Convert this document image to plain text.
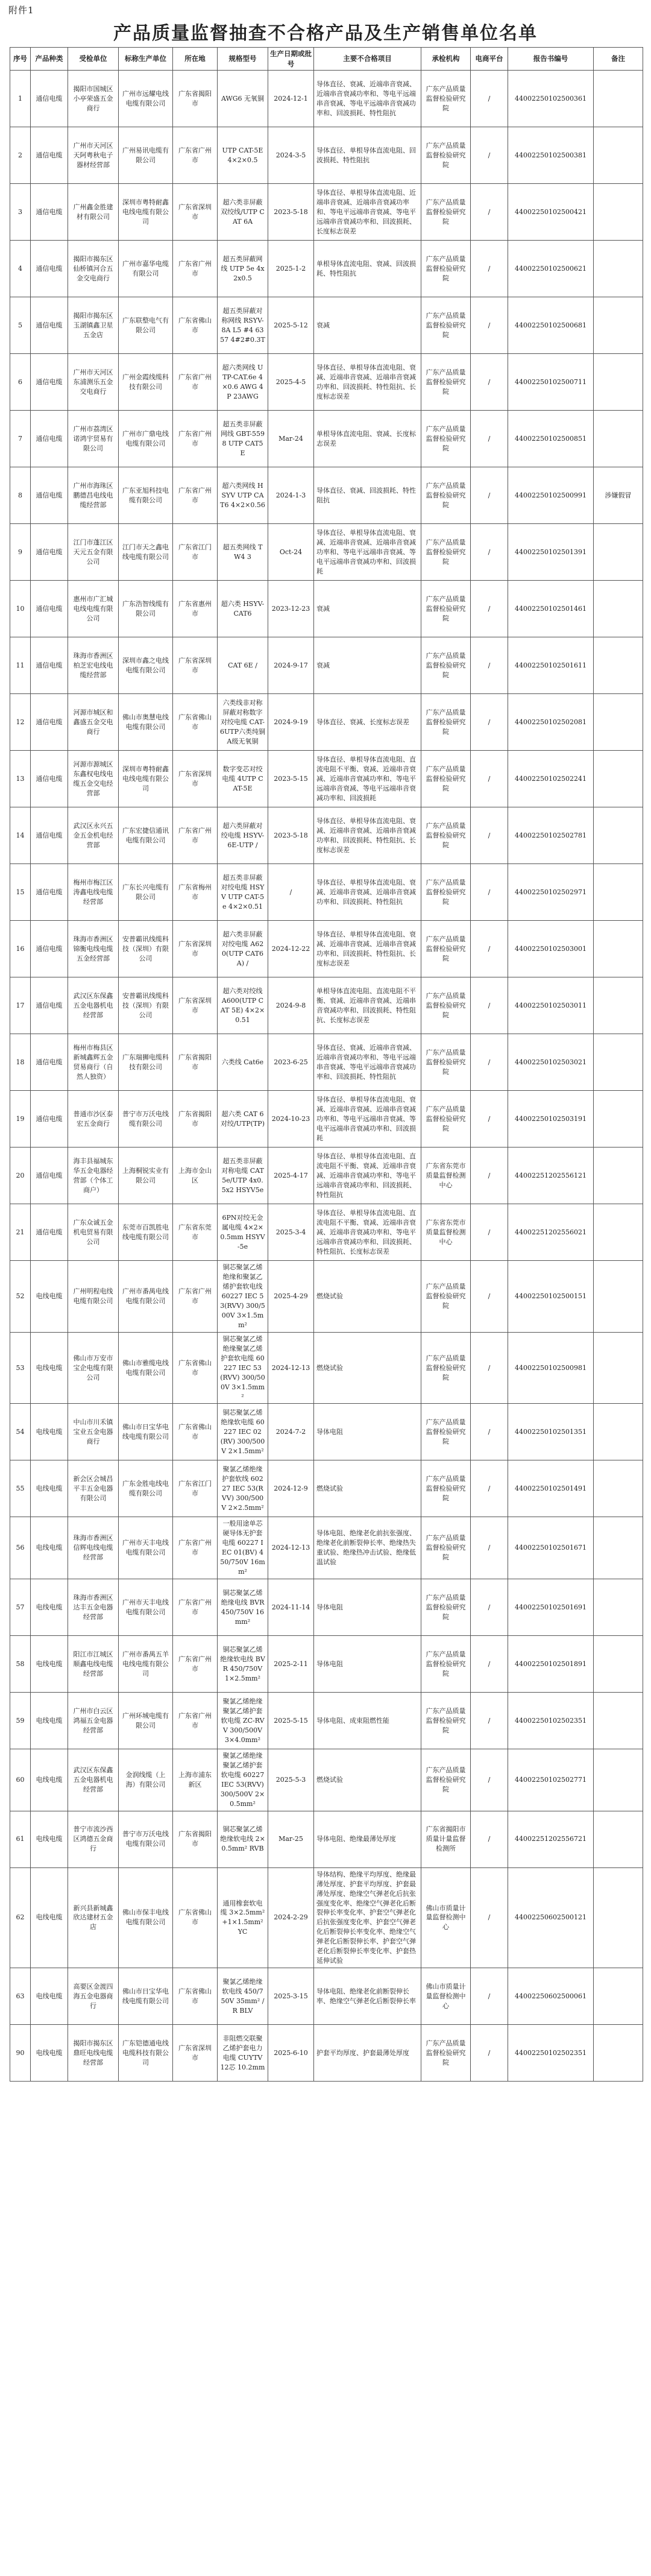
附件1
产品质量监督抽查不合格产品及生产销售单位名单
序号	产品种类	受检单位	标称生产单位	所在地	规格型号	生产日期或批号	主要不合格项目	承检机构	电商平台	报告书编号	备注
1	通信电缆	揭阳市国城区小亭荣盛五金商行	广州市远耀电线电缆有限公司	广东省揭阳市	AWG6 无氧铜	2024-12-1	导体直径、衰减、近端串音衰减、近端串音衰减功率和、等电平远端串音衰减、等电平远端串音衰减功率和、回波损耗、特性阻抗	广东产品质量监督检验研究院	/	44002250102500361	
2	通信电缆	广州市天河区天阿粤秋电子器材经营部	广州易讯电缆有限公司	广东省广州市	UTP CAT-5E 4×2×0.5	2024-3-5	导体直径、单根导体直流电阻、回波损耗、特性阻抗	广东产品质量监督检验研究院	/	44002250102500381	
3	通信电缆	广州鑫金胜建材有限公司	深圳市粤特耐鑫电线电缆有限公司	广东省深圳市	超六类非屏蔽双绞线/UTP CAT 6A	2023-5-18	导体直径、单根导体直流电阻、近端串音衰减、近端串音衰减功率和、等电平远端串音衰减、等电平远端串音衰减功率和、回波损耗、长度标志误差	广东产品质量监督检验研究院	/	44002250102500421	
4	通信电缆	揭阳市揭东区仙桥镇河合五金交电商行	广州市嘉华电缆有限公司	广东省广州市	超五类屏蔽网线 UTP 5e 4x2x0.5	2025-1-2	单根导体直流电阻、衰减、回波损耗、特性阻抗	广东产品质量监督检验研究院	/	44002250102500621	
5	通信电缆	揭阳市揭东区玉湖镇鑫卫星五金店	广东联整电气有限公司	广东省佛山市	超五类屏蔽对称网线 RSYV-8A L5 #4 6357 4#2#0.3T	2025-5-12	衰减	广东产品质量监督检验研究院	/	44002250102500681	
6	通信电缆	广州市天河区东浦测乐五金交电商行	广州金霞线缆科技有限公司	广东省广州市	超六类网线 UTP-CAT.6e 4×0.6 AWG 4P 23AWG	2025-4-5	导体直径、单根导体直流电阻、衰减、近端串音衰减、近端串音衰减功率和、回波损耗、特性阻抗、长度标志误差	广东产品质量监督检验研究院	/	44002250102500711	
7	通信电缆	广州市荔湾区诺鸿宇贸易有限公司	广州市广鼎电线电缆有限公司	广东省广州市	超五类非屏蔽网线 GBT-5598 UTP CAT5E	Mar-24	单根导体直流电阻、衰减、长度标志误差	广东产品质量监督检验研究院	/	44002250102500851	
8	通信电缆	广州市海珠区鹏德昌电线电缆经营部	广东亚旭科技电缆有限公司	广东省广州市	超六类网线 HSYV UTP CAT6 4×2×0.56	2024-1-3	导体直径、衰减、回波损耗、特性阻抗	广东产品质量监督检验研究院	/	44002250102500991	涉嫌假冒
9	通信电缆	江门市蓬江区天元五金有限公司	江门市天之鑫电线电缆有限公司	广东省江门市	超五类网线 TW4 3	Oct-24	导体直径、单根导体直流电阻、衰减、近端串音衰减、近端串音衰减功率和、等电平远端串音衰减、等电平远端串音衰减功率和、回波损耗	广东产品质量监督检验研究院	/	44002250102501391	
10	通信电缆	惠州市广汇城电线电缆有限公司	广东浩智线缆有限公司	广东省惠州市	超六类 HSYV-CAT6	2023-12-23	衰减	广东产品质量监督检验研究院	/	44002250102501461	
11	通信电缆	珠海市香洲区柏芝宏电线电缆经营部	深圳市鑫之电线电缆有限公司	广东省深圳市	CAT 6E /	2024-9-17	衰减	广东产品质量监督检验研究院	/	44002250102501611	
12	通信电缆	河源市城区和鑫盛五金交电商行	佛山市奥慧电线电缆有限公司	广东省佛山市	六类线非对称屏蔽对称数字对绞电缆 CAT-6UTP六类纯铜A级无氧铜	2024-9-19	导体直径、衰减、长度标志误差	广东产品质量监督检验研究院	/	44002250102502081	
13	通信电缆	河源市源城区东鑫权电线电缆五金交电经营部	深圳市粤特耐鑫电线电缆有限公司	广东省深圳市	数字变芯对绞电缆 4UTP CAT-5E	2023-5-15	导体直径、单根导体直流电阻、直流电阻不平衡、衰减、近端串音衰减、近端串音衰减功率和、等电平远端串音衰减、等电平远端串音衰减功率和、回波损耗	广东产品质量监督检验研究院	/	44002250102502241	
14	通信电缆	武汉区永兴五金五金机电经营部	广东宏捷信通讯电缆有限公司	广东省广州市	超六类屏蔽对绞电缆 HSYV-6E-UTP /	2023-5-18	导体直径、单根导体直流电阻、衰减、近端串音衰减、近端串音衰减功率和、回波损耗、特性阻抗、长度标志误差	广东产品质量监督检验研究院	/	44002250102502781	
15	通信电缆	梅州市梅江区涛鑫电线电缆经营部	广东长兴电缆有限公司	广东省梅州市	超五类非屏蔽对绞电缆 HSYV UTP CAT-5e 4×2×0.51	/	导体直径、单根导体直流电阻、衰减、近端串音衰减、近端串音衰减功率和、回波损耗、特性阻抗	广东产品质量监督检验研究院	/	44002250102502971	
16	通信电缆	珠海市香洲区锦衡电线电缆五金经营部	安普霸讯线缆科技（深圳）有限公司	广东省深圳市	超六类非屏蔽对绞电缆 A620(UTP CAT6A) /	2024-12-22	导体直径、单根导体直流电阻、衰减、近端串音衰减、近端串音衰减功率和、回波损耗、特性阻抗、长度标志误差	广东产品质量监督检验研究院	/	44002250102503001	
17	通信电缆	武汉区东保鑫五金电器机电经营部	安普霸讯线缆科技（深圳）有限公司	广东省深圳市	超六类对绞线 A600(UTP CAT 5E) 4×2×0.51	2024-9-8	单根导体直流电阻、直流电阻不平衡、衰减、近端串音衰减、近端串音衰减功率和、回波损耗、特性阻抗、长度标志误差	广东产品质量监督检验研究院	/	44002250102503011	
18	通信电缆	梅州市梅县区新城鑫辉五金贸易商行（自然人独资）	广东瑞狮电缆科技有限公司	广东省揭阳市	六类线 Cat6e	2023-6-25	导体直径、衰减、近端串音衰减、近端串音衰减功率和、等电平远端串音衰减、等电平远端串音衰减功率和、回波损耗、特性阻抗	广东产品质量监督检验研究院	/	44002250102503021	
19	通信电缆	普通市沙区泰宏五金商行	普宁市万沃电线缆有限公司	广东省揭阳市	超六类 CAT 6对绞/UTP(TP)	2024-10-23	导体直径、单根导体直流电阻、衰减、近端串音衰减、近端串音衰减功率和、等电平远端串音衰减、等电平远端串音衰减功率和、回波损耗	广东产品质量监督检验研究院	/	44002250102503191	
20	通信电缆	海丰县福城东华五金电器经营部（个体工商户）	上海桐锐实业有限公司	上海市金山区	超五类非屏蔽对称电缆 CAT5e/UTP 4x0.5x2 HSYV5e	2025-4-17	导体直径、单根导体直流电阻、直流电阻不平衡、衰减、近端串音衰减、近端串音衰减功率和、等电平远端串音衰减功率和、回波损耗、特性阻抗	广东省东莞市质量监督检测中心	/	44002251202556121	
21	通信电缆	广东众诚五金机电贸易有限公司	东莞市百凯胜电线电缆有限公司	广东省东莞市	6PN对绞无金属电缆 4×2×0.5mm HSYV-5e	2025-3-4	导体直径、单根导体直流电阻、直流电阻不平衡、衰减、近端串音衰减、近端串音衰减功率和、等电平远端串音衰减功率和、回波损耗、特性阻抗、长度标志误差	广东省东莞市质量监督检测中心	/	44002251202556021	
52	电线电缆	广州明程电线电缆有限公司	广州市番禺电线电缆有限公司	广东省广州市	铜芯聚氯乙烯绝缘和聚氯乙烯护套软电线 60227 IEC 53(RVV) 300/500V 3×1.5mm²	2025-4-29	燃烧试验	广东产品质量监督检验研究院	/	44002250102500151	
53	电线电缆	佛山市万安市宝企电缆有限公司	佛山市雅缆电线电缆有限公司	广东省佛山市	铜芯聚氯乙烯绝缘聚氯乙烯护套软电缆 60227 IEC 53(RVV) 300/500V 3×1.5mm²	2024-12-13	燃烧试验	广东产品质量监督检验研究院	/	44002250102500981	
54	电线电缆	中山市川禾镇宝业五金电器商行	佛山市日宝华电线电缆有限公司	广东省佛山市	铜芯聚氯乙烯绝缘软电缆 60227 IEC 02(RV) 300/500V 2×1.5mm²	2024-7-2	导体电阻	广东产品质量监督检验研究院	/	44002250102501351	
55	电线电缆	新会区会城昌平丰五金电器有限公司	广东金胜电线电缆有限公司	广东省江门市	聚氯乙烯绝缘护套软线 60227 IEC 53(RVV) 300/500V 2×2.5mm²	2024-12-9	燃烧试验	广东产品质量监督检验研究院	/	44002250102501491	
56	电线电缆	珠海市香洲区信辉电线电缆经营部	广州市天丰电线电缆有限公司	广东省广州市	一般用途单芯硬导体无护套电缆 60227 IEC 01(BV) 450/750V 16mm²	2024-12-13	导体电阻、绝缘老化前抗张强度、绝缘老化前断裂伸长率、绝缘热失重试验、绝缘热冲击试验、绝缘低温试验	广东产品质量监督检验研究院	/	44002250102501671	
57	电线电缆	珠海市香洲区达丰五金电器经营部	广州市天丰电线电缆有限公司	广东省广州市	铜芯聚氯乙烯绝缘电线 BVR 450/750V 16mm²	2024-11-14	导体电阻	广东产品质量监督检验研究院	/	44002250102501691	
58	电线电缆	阳江市江城区顺鑫电线电缆经营部	广州市番禺五羊电线电缆有限公司	广东省广州市	铜芯聚氯乙烯绝缘软电线 BVR 450/750V 1×2.5mm²	2025-2-11	导体电阻	广东产品质量监督检验研究院	/	44002250102501891	
59	电线电缆	广州市白云区鸿福五金电器经营部	广州环城电缆有限公司	广东省广州市	聚氯乙烯绝缘聚氯乙烯护套软电缆 ZC-RVV 300/500V 3×4.0mm²	2025-5-15	导体电阻、成束阻燃性能	广东产品质量监督检验研究院	/	44002250102502351	
60	电线电缆	武汉区东保鑫五金电器机电经营部	金润线缆（上海）有限公司	上海市浦东新区	聚氯乙烯绝缘聚氯乙烯护套软电缆 60227 IEC 53(RVV) 300/500V 2×0.5mm²	2025-5-3	燃烧试验	广东产品质量监督检验研究院	/	44002250102502771	
61	电线电缆	普宁市流沙西区鸿德五金商行	普宁市万沃电线电缆有限公司	广东省揭阳市	铜芯聚氯乙烯绝缘软电线 2×0.5mm² RVB	Mar-25	导体电阻、绝缘最薄处厚度	广东省揭阳市质量计量监督检测所	/	44002251202556721	
62	电线电缆	新兴县新城鑫欣达建材五金店	佛山市保丰电线电缆有限公司	广东省佛山市	通用橡套软电缆 3×2.5mm²+1×1.5mm² YC	2024-2-29	导体结构、绝缘平均厚度、绝缘最薄处厚度、护套平均厚度、护套最薄处厚度、绝缘空气弹老化后抗张强度变化率、绝缘空气弹老化后断裂伸长率变化率、护套空气弹老化后抗张强度变化率、护套空气弹老化后断裂伸长率变化率、绝缘空气弹老化后断裂伸长率、护套空气弹老化后断裂伸长率变化率、护套热延伸试验	佛山市质量计量监督检测中心	/	44002250602500121	
63	电线电缆	高要区金渡四海五金电器商行	佛山市日宝华电线电缆有限公司	广东省佛山市	聚氯乙烯绝缘软电线 450/750V 35mm² /R BLV	2025-3-15	导体电阻、绝缘老化前断裂伸长率、绝缘空气弹老化后断裂伸长率	佛山市质量计量监督检测中心	/	44002250602500061	
90	电线电缆	揭阳市揭东区鼎旺电线电缆经营部	广东铠德通电线电缆科技有限公司	广东省深圳市	非阻燃交联聚乙烯护套电力电缆 CUYTV 12芯 10.2mm	2025-6-10	护套平均厚度、护套最薄处厚度	广东产品质量监督检验研究院	/	44002250102502351	
